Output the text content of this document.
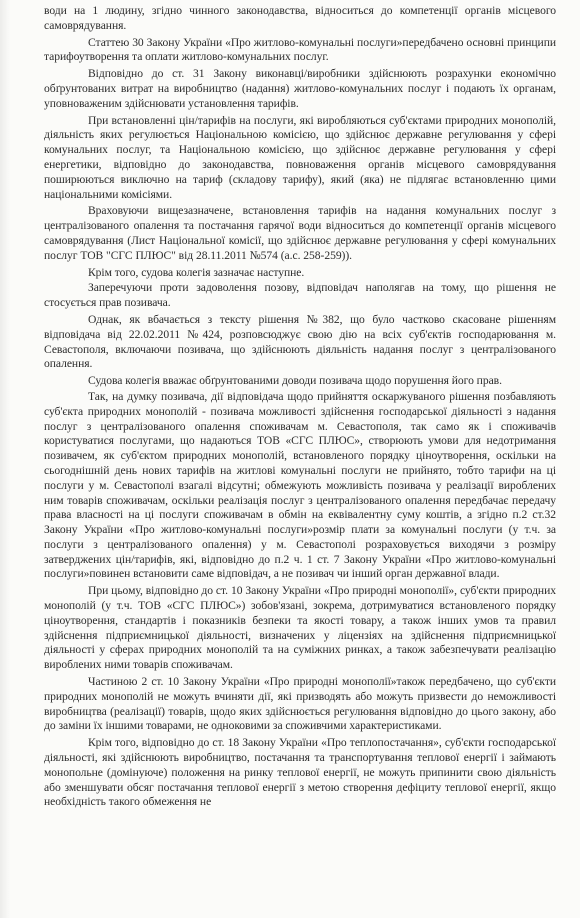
води на 1 людину, згідно чинного законодавства, відноситься до компетенції органів місцевого самоврядування.

Статтею 30 Закону України «Про житлово-комунальні послуги»передбачено основні принципи тарифоутворення та оплати житлово-комунальних послуг.

Відповідно до ст. 31 Закону виконавці/виробники здійснюють розрахунки економічно обґрунтованих витрат на виробництво (надання) житлово-комунальних послуг і подають їх органам, уповноваженим здійснювати установлення тарифів.

При встановленні цін/тарифів на послуги, які виробляються суб'єктами природних монополій, діяльність яких регулюється Національною комісією, що здійснює державне регулювання у сфері комунальних послуг, та Національною комісією, що здійснює державне регулювання у сфері енергетики, відповідно до законодавства, повноваження органів місцевого самоврядування поширюються виключно на тариф (складову тарифу), який (яка) не підлягає встановленню цими національними комісіями.

Враховуючи вищезазначене, встановлення тарифів на надання комунальних послуг з централізованого опалення та постачання гарячої води відноситься до компетенції органів місцевого самоврядування (Лист Національної комісії, що здійснює державне регулювання у сфері комунальних послуг ТОВ "СГС ПЛЮС" від 28.11.2011 №574 (а.с. 258-259)).

Крім того, судова колегія зазначає наступне.

Заперечуючи проти задоволення позову, відповідач наполягав на тому, що рішення не стосується прав позивача.

Однак, як вбачається з тексту рішення №382, що було частково скасоване рішенням відповідача від 22.02.2011 №424, розповсюджує свою дію на всіх суб'єктів господарювання м. Севастополя, включаючи позивача, що здійснюють діяльність надання послуг з централізованого опалення.

Судова колегія вважає обґрунтованими доводи позивача щодо порушення його прав.

Так, на думку позивача, дії відповідача щодо прийняття оскаржуваного рішення позбавляють суб'єкта природних монополій - позивача можливості здійснення господарської діяльності з надання послуг з централізованого опалення споживачам м. Севастополя, так само як і споживачів користуватися послугами, що надаються ТОВ «СГС ПЛЮС», створюють умови для недотримання позивачем, як суб'єктом природних монополій, встановленого порядку ціноутворення, оскільки на сьогоднішній день нових тарифів на житлові комунальні послуги не прийнято, тобто тарифи на ці послуги у м. Севастополі взагалі відсутні; обмежують можливість позивача у реалізації вироблених ним товарів споживачам, оскільки реалізація послуг з централізованого опалення передбачає передачу права власності на ці послуги споживачам в обмін на еквівалентну суму коштів, а згідно п.2 ст.32 Закону України «Про житлово-комунальні послуги»розмір плати за комунальні послуги (у т.ч. за послуги з централізованого опалення) у м. Севастополі розраховується виходячи з розміру затверджених цін/тарифів, які, відповідно до п.2 ч. 1 ст. 7 Закону України «Про житлово-комунальні послуги»повинен встановити саме відповідач, а не позивач чи інший орган державної влади.

При цьому, відповідно до ст. 10 Закону України «Про природні монополії», суб'єкти природних монополій (у т.ч. ТОВ «СГС ПЛЮС») зобов'язані, зокрема, дотримуватися встановленого порядку ціноутворення, стандартів і показників безпеки та якості товару, а також інших умов та правил здійснення підприємницької діяльності, визначених у ліцензіях на здійснення підприємницької діяльності у сферах природних монополій та на суміжних ринках, а також забезпечувати реалізацію вироблених ними товарів споживачам.

Частиною 2 ст. 10 Закону України «Про природні монополії»також передбачено, що суб'єкти природних монополій не можуть вчиняти дії, які призводять або можуть призвести до неможливості виробництва (реалізації) товарів, щодо яких здійснюється регулювання відповідно до цього закону, або до заміни їх іншими товарами, не одноковими за споживчими характеристиками.

Крім того, відповідно до ст. 18 Закону України «Про теплопостачання», суб'єкти господарської діяльності, які здійснюють виробництво, постачання та транспортування теплової енергії і займають монопольне (домінуюче) положення на ринку теплової енергії, не можуть припинити свою діяльність або зменшувати обсяг постачання теплової енергії з метою створення дефіциту теплової енергії, якщо необхідність такого обмеження не
